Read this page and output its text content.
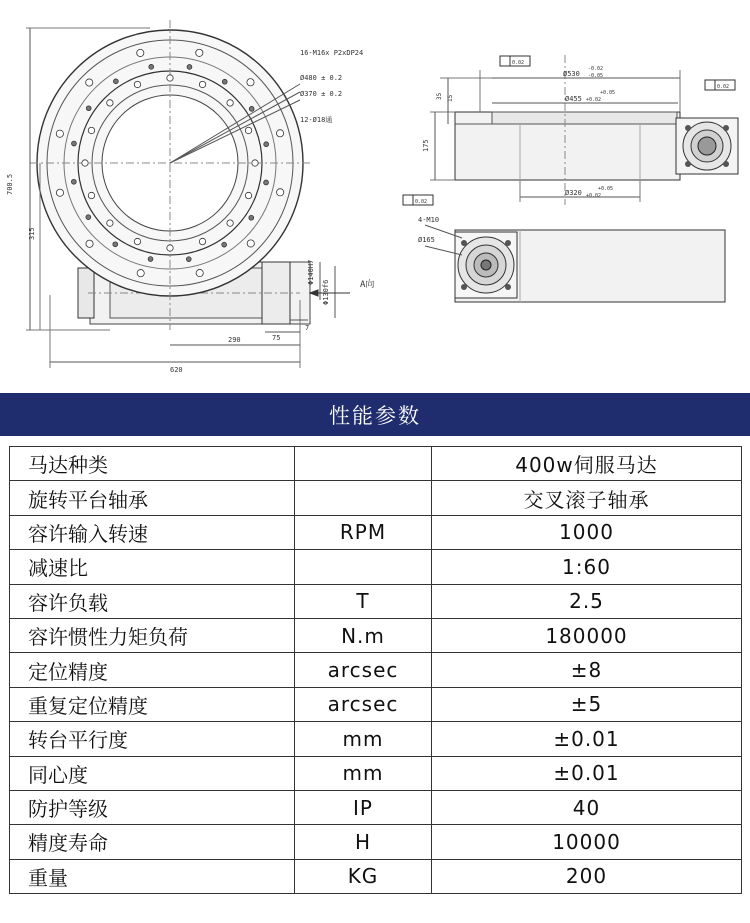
16-M16x P2xDP24
Ø480 ± 0.2
Ø370 ± 0.2
12-Ø18通
700.5
315
620
290	75
7
Φ140H7
Φ130f6	A向
Ø530
-0.02
-0.05
Ø455
+0.05
+0.02
Ø320	+0.05
+0.02
35 15
175
0.02
0.02
0.02
4-M10
Ø165
性能参数
马达种类		400w伺服马达
旋转平台轴承		交叉滚子轴承
容许输入转速	RPM	1000
减速比		1:60
容许负载	T	2.5
容许惯性力矩负荷	N.m	180000
定位精度	arcsec	±8
重复定位精度	arcsec	±5
转台平行度	mm	±0.01
同心度	mm	±0.01
防护等级	IP	40
精度寿命	H	10000
重量	KG	200
